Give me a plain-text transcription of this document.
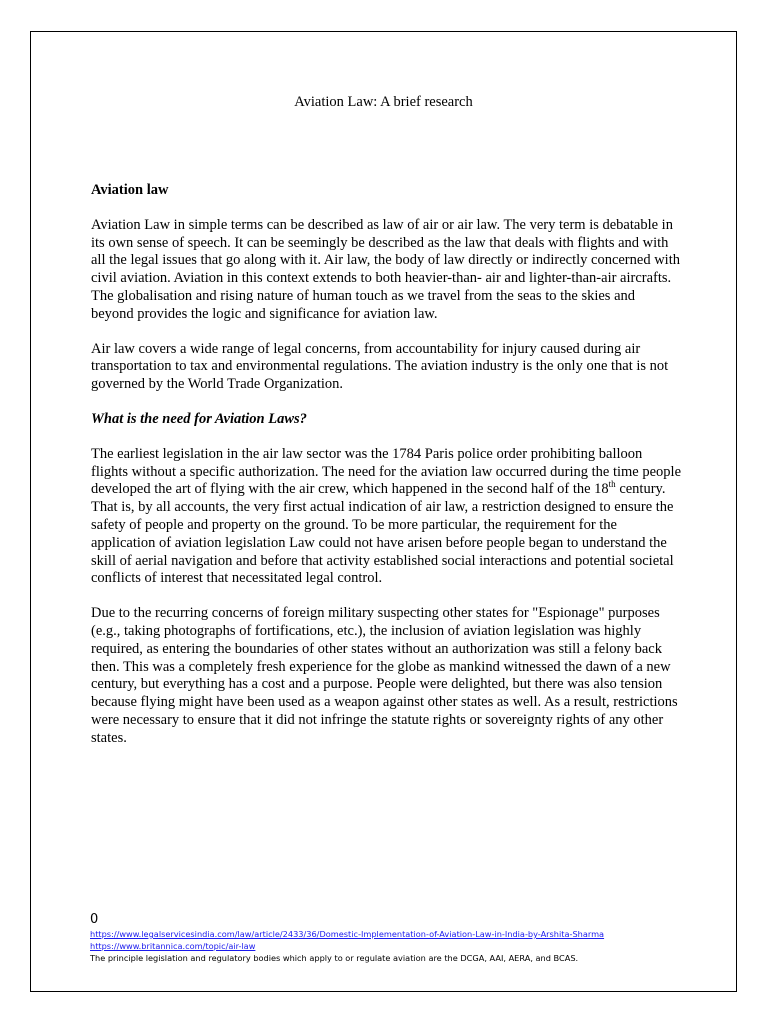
Aviation Law: A brief research

Aviation law

Aviation Law in simple terms can be described as law of air or air law. The very term is debatable in its own sense of speech. It can be seemingly be described as the law that deals with flights and with all the legal issues that go along with it. Air law, the body of law directly or indirectly concerned with civil aviation. Aviation in this context extends to both heavier-than- air and lighter-than-air aircrafts. The globalisation and rising nature of human touch as we travel from the seas to the skies and beyond provides the logic and significance for aviation law.

Air law covers a wide range of legal concerns, from accountability for injury caused during air transportation to tax and environmental regulations. The aviation industry is the only one that is not governed by the World Trade Organization.

What is the need for Aviation Laws?

The earliest legislation in the air law sector was the 1784 Paris police order prohibiting balloon flights without a specific authorization. The need for the aviation law occurred during the time people developed the art of flying with the air crew, which happened in the second half of the 18th century. That is, by all accounts, the very first actual indication of air law, a restriction designed to ensure the safety of people and property on the ground. To be more particular, the requirement for the application of aviation legislation Law could not have arisen before people began to understand the skill of aerial navigation and before that activity established social interactions and potential societal conflicts of interest that necessitated legal control.

Due to the recurring concerns of foreign military suspecting other states for "Espionage" purposes (e.g., taking photographs of fortifications, etc.), the inclusion of aviation legislation was highly required, as entering the boundaries of other states without an authorization was still a felony back then. This was a completely fresh experience for the globe as mankind witnessed the dawn of a new century, but everything has a cost and a purpose. People were delighted, but there was also tension because flying might have been used as a weapon against other states as well. As a result, restrictions were necessary to ensure that it did not infringe the statute rights or sovereignty rights of any other states.

0
https://www.legalservicesindia.com/law/article/2433/36/Domestic-Implementation-of-Aviation-Law-in-India-by-Arshita-Sharma
https://www.britannica.com/topic/air-law
The principle legislation and regulatory bodies which apply to or regulate aviation are the DCGA, AAI, AERA, and BCAS.
